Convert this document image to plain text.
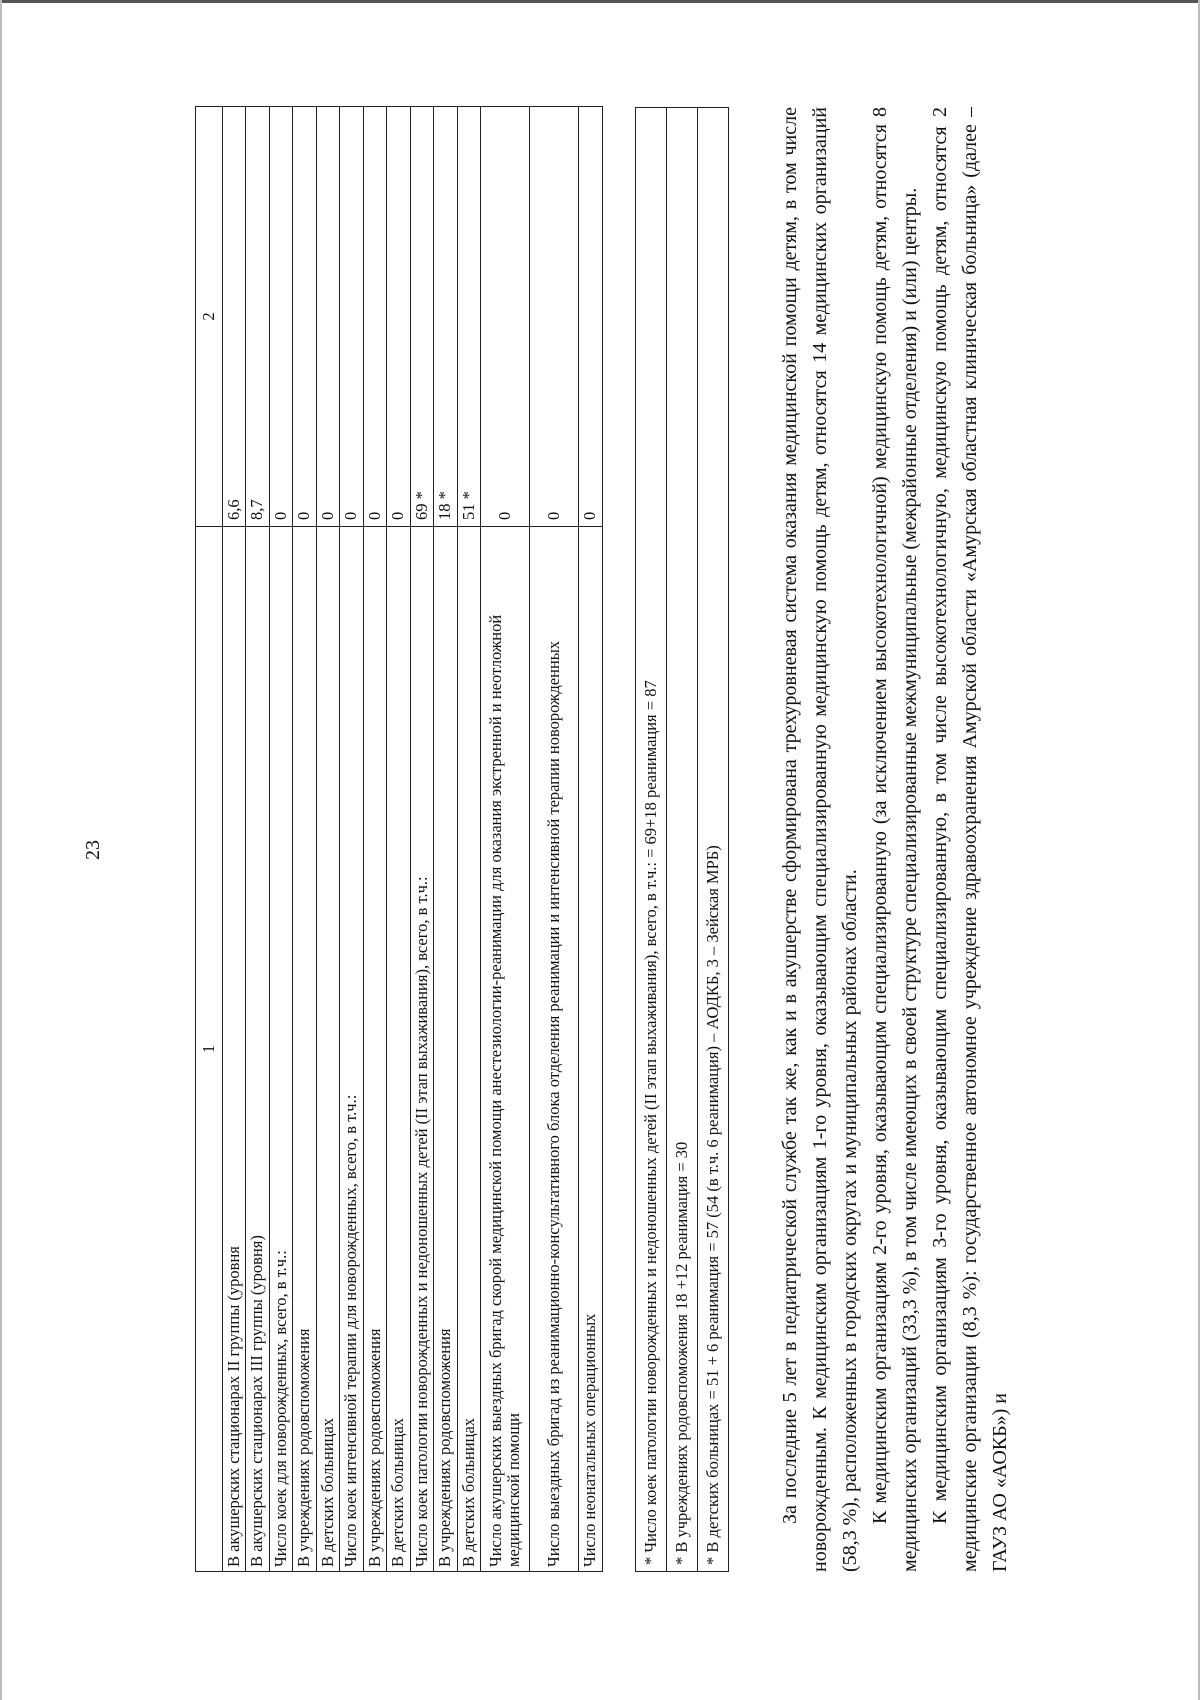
23
1	2
В акушерских стационарах II группы (уровня	6,6
В акушерских стационарах III группы (уровня)	8,7
Число коек для новорожденных, всего, в т.ч.:	0
В учреждениях родовспоможения	0
В детских больницах	0
Число коек интенсивной терапии для новорожденных, всего, в т.ч.:	0
В учреждениях родовспоможения	0
В детских больницах	0
Число коек патологии новорожденных и недоношенных детей (II этап выхаживания), всего, в т.ч.:	69 *
В учреждениях родовспоможения	18 *
В детских больницах	51 *
Число акушерских выездных бригад скорой медицинской помощи анестезиологии-реанимации для оказания экстренной и неотложной медицинской помощи	0
Число выездных бригад из реанимационно-консультативного блока отделения реанимации и интенсивной терапии новорожденных	0
Число неонатальных операционных	0
* Число коек патологии новорожденных и недоношенных детей (II этап выхаживания), всего, в т.ч.: = 69+18 реанимация = 87
* В учреждениях родовспоможения 18 +12 реанимация = 30
* В детских больницах = 51 + 6 реанимация = 57 (54 (в т.ч. 6 реанимация) – АОДКБ, 3 – Зейская МРБ)	За последние 5 лет в педиатрической службе так же, как и в акушерстве сформирована трехуровневая система оказания медицинской помощи детям, в том числе новорожденным. К медицинским организациям 1-го уровня, оказывающим специализированную медицинскую помощь детям, относятся 14 медицинских организаций (58,3 %), расположенных в городских округах и муниципальных районах области. К медицинским организациям 2-го уровня, оказывающим специализированную (за исключением высокотехнологичной) медицинскую помощь детям, относятся 8 медицинских организаций (33,3 %), в том числе имеющих в своей структуре специализированные межмуниципальные (межрайонные отделения) и (или) центры. К медицинским организациям 3-го уровня, оказывающим специализированную, в том числе высокотехнологичную, медицинскую помощь детям, относятся 2 медицинские организации (8,3 %): государственное автономное учреждение здравоохранения Амурской области «Амурская областная клиническая больница» (далее – ГАУЗ АО «АОКБ») и
